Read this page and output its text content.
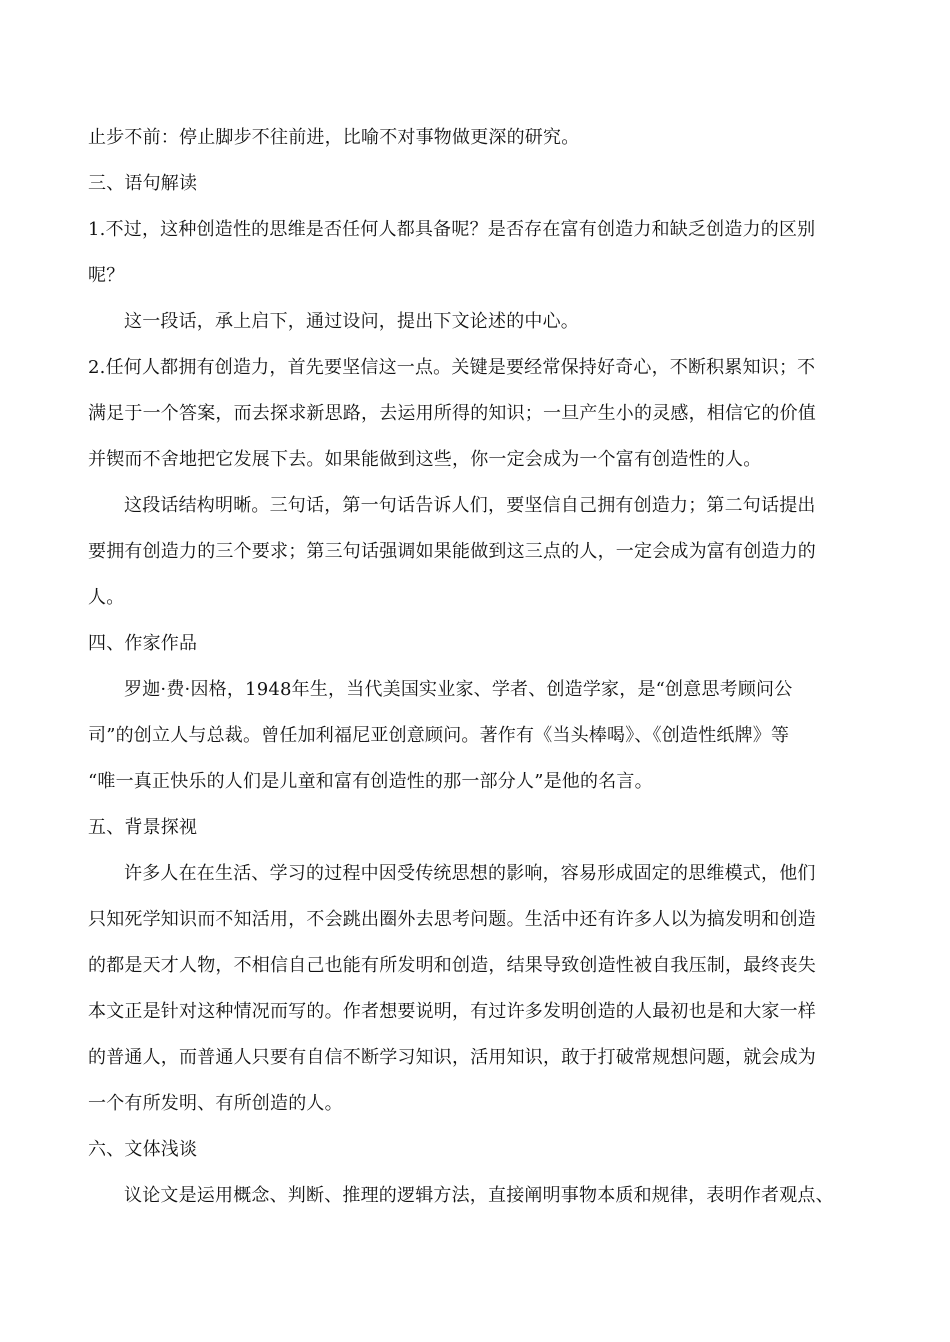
止步不前：停止脚步不往前进，比喻不对事物做更深的研究。
三、语句解读
1.不过，这种创造性的思维是否任何人都具备呢？是否存在富有创造力和缺乏创造力的区别
呢？
这一段话，承上启下，通过设问，提出下文论述的中心。
2.任何人都拥有创造力，首先要坚信这一点。关键是要经常保持好奇心，不断积累知识；不
满足于一个答案，而去探求新思路，去运用所得的知识；一旦产生小的灵感，相信它的价值
并锲而不舍地把它发展下去。如果能做到这些，你一定会成为一个富有创造性的人。
这段话结构明晰。三句话，第一句话告诉人们，要坚信自己拥有创造力；第二句话提出
要拥有创造力的三个要求；第三句话强调如果能做到这三点的人，一定会成为富有创造力的
人。
四、作家作品
罗迦·费·因格，1948年生，当代美国实业家、学者、创造学家，是“创意思考顾问公
司”的创立人与总裁。曾任加利福尼亚创意顾问。著作有《当头棒喝》、《创造性纸牌》等
“唯一真正快乐的人们是儿童和富有创造性的那一部分人”是他的名言。
五、背景探视
许多人在在生活、学习的过程中因受传统思想的影响，容易形成固定的思维模式，他们
只知死学知识而不知活用，不会跳出圈外去思考问题。生活中还有许多人以为搞发明和创造
的都是天才人物，不相信自己也能有所发明和创造，结果导致创造性被自我压制，最终丧失
本文正是针对这种情况而写的。作者想要说明，有过许多发明创造的人最初也是和大家一样
的普通人，而普通人只要有自信不断学习知识，活用知识，敢于打破常规想问题，就会成为
一个有所发明、有所创造的人。
六、文体浅谈
议论文是运用概念、判断、推理的逻辑方法，直接阐明事物本质和规律，表明作者观点、
